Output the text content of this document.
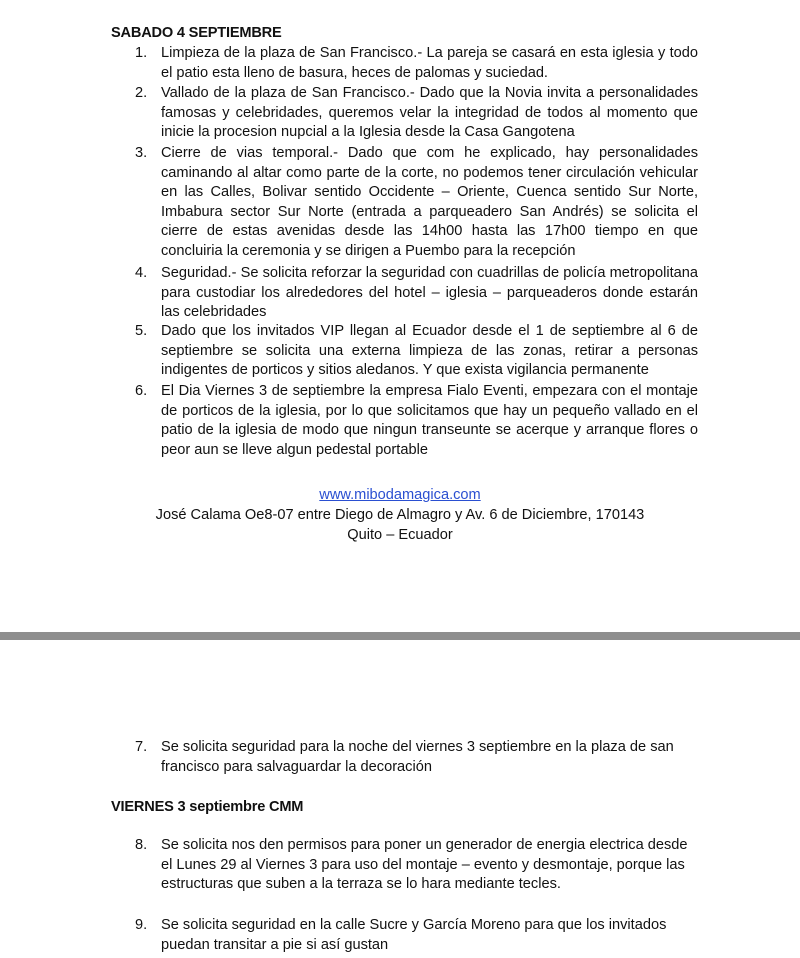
SABADO 4 SEPTIEMBRE
1. Limpieza de la plaza de San Francisco.- La pareja se casará en esta iglesia y todo el patio esta lleno de basura, heces de palomas y suciedad.
2. Vallado de la plaza de San Francisco.- Dado que la Novia invita a personalidades famosas y celebridades, queremos velar la integridad de todos al momento que inicie la procesion nupcial a la Iglesia desde la Casa Gangotena
3. Cierre de vias temporal.- Dado que com he explicado, hay personalidades caminando al altar como parte de la corte, no podemos tener circulación vehicular en las Calles, Bolivar sentido Occidente – Oriente, Cuenca sentido Sur Norte, Imbabura sector Sur Norte (entrada a parqueadero San Andrés) se solicita el cierre de estas avenidas desde las 14h00 hasta las 17h00 tiempo en que concluiria la ceremonia y se dirigen a Puembo para la recepción
4. Seguridad.- Se solicita reforzar la seguridad con cuadrillas de policía metropolitana para custodiar los alrededores del hotel – iglesia – parqueaderos donde estarán las celebridades
5. Dado que los invitados VIP llegan al Ecuador desde el 1 de septiembre al 6 de septiembre se solicita una externa limpieza de las zonas, retirar a personas indigentes de porticos y sitios aledanos. Y que exista vigilancia permanente
6. El Dia Viernes 3 de septiembre la empresa Fialo Eventi, empezara con el montaje de porticos de la iglesia, por lo que solicitamos que hay un pequeño vallado en el patio de la iglesia de modo que ningun transeunte se acerque y arranque flores o peor aun se lleve algun pedestal portable
www.mibodamagica.com
José Calama Oe8-07 entre Diego de Almagro y Av. 6 de Diciembre, 170143
Quito – Ecuador
7. Se solicita seguridad para la noche del viernes 3 septiembre en la plaza de san francisco para salvaguardar la decoración
VIERNES 3 septiembre CMM
8. Se solicita nos den permisos para poner un generador de energia electrica desde el Lunes 29 al Viernes 3 para uso del montaje – evento y desmontaje, porque las estructuras que suben a la terraza se lo hara mediante tecles.
9. Se solicita seguridad en la calle Sucre y García Moreno para que los invitados puedan transitar a pie si así gustan
